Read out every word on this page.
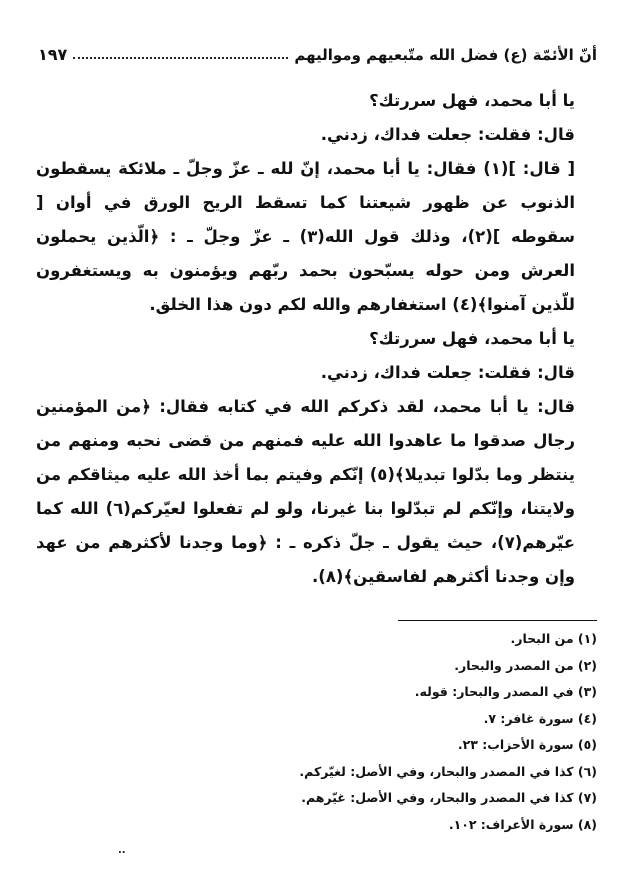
أنّ الأئمّة (ع) فضل الله متّبعيهم ومواليهم
١٩٧

يا أبا محمد، فهل سررتك؟

قال: فقلت: جعلت فداك، زدني.

[ قال: ](١) فقال: يا أبا محمد، إنّ لله ـ عزّ وجلّ ـ ملائكة يسقطون الذنوب عن ظهور شيعتنا كما تسقط الريح الورق في أوان [ سقوطه ](٢)، وذلك قول الله(٣) ـ عزّ وجلّ ـ : ﴿الّذين يحملون العرش ومن حوله يسبّحون بحمد ربّهم ويؤمنون به ويستغفرون للّذين آمنوا﴾(٤) استغفارهم والله لكم دون هذا الخلق.

يا أبا محمد، فهل سررتك؟

قال: فقلت: جعلت فداك، زدني.

قال: يا أبا محمد، لقد ذكركم الله في كتابه فقال: ﴿من المؤمنين رجال صدقوا ما عاهدوا الله عليه فمنهم من قضى نحبه ومنهم من ينتظر وما بدّلوا تبديلا﴾(٥) إنّكم وفيتم بما أخذ الله عليه ميثاقكم من ولايتنا، وإنّكم لم تبدّلوا بنا غيرنا، ولو لم تفعلوا لعيّركم(٦) الله كما عيّرهم(٧)، حيث يقول ـ جلّ ذكره ـ : ﴿وما وجدنا لأكثرهم من عهد وإن وجدنا أكثرهم لفاسقين﴾(٨).

(١) من البحار.
(٢) من المصدر والبحار.
(٣) في المصدر والبحار: قوله.
(٤) سورة غافر: ٧.
(٥) سورة الأحزاب: ٢٣.
(٦) كذا في المصدر والبحار، وفي الأصل: لغيّركم.
(٧) كذا في المصدر والبحار، وفي الأصل: غيّرهم.
(٨) سورة الأعراف: ١٠٢.
..
